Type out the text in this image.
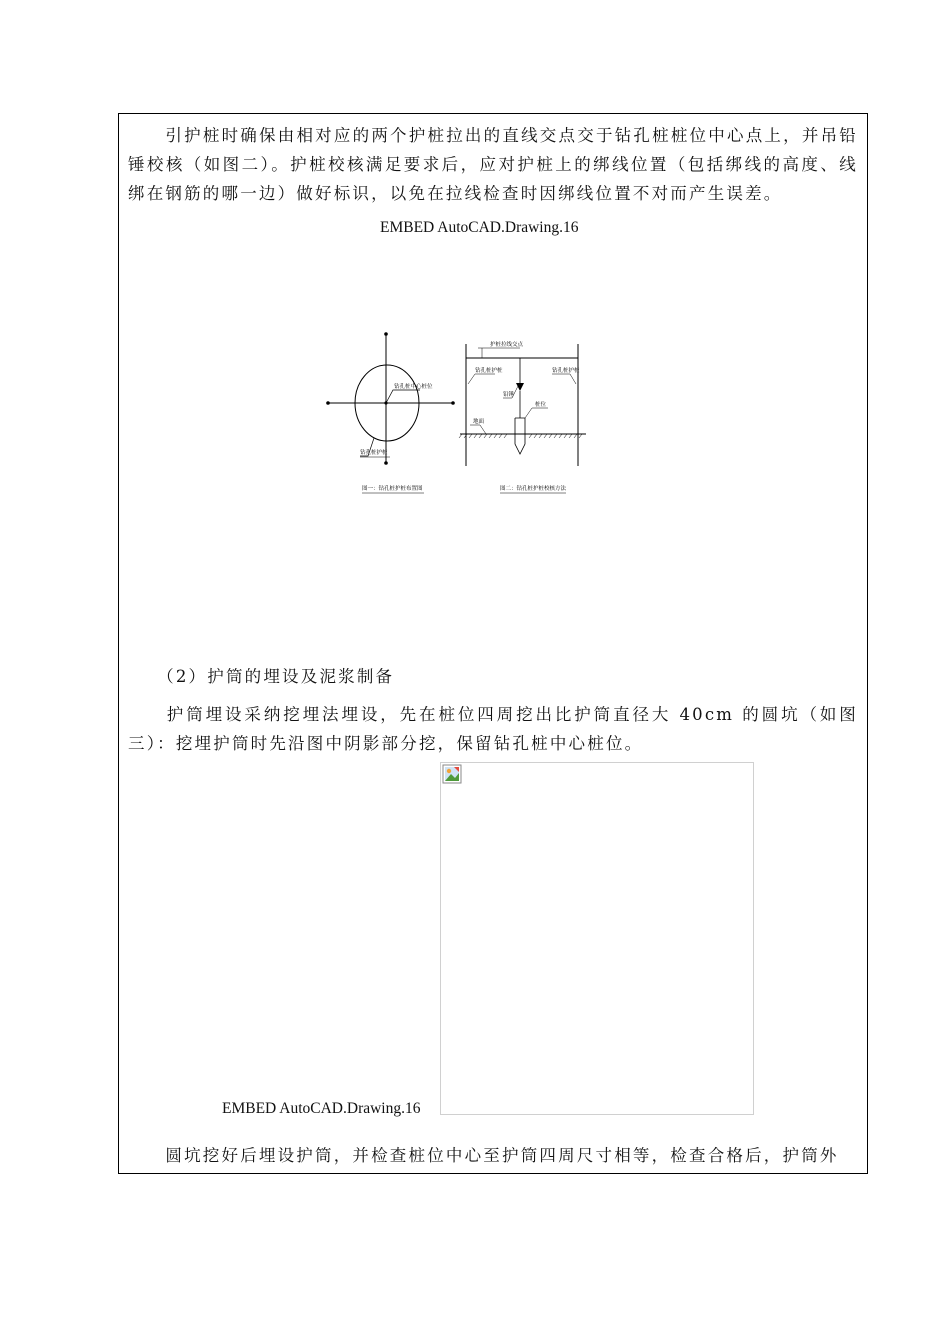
　　引护桩时确保由相对应的两个护桩拉出的直线交点交于钻孔桩桩位中心点上，并吊铅锤校核（如图二）。护桩校核满足要求后，应对护桩上的绑线位置（包括绑线的高度、线绑在钢筋的哪一边）做好标识，以免在拉线检查时因绑线位置不对而产生误差。
EMBED AutoCAD.Drawing.16
钻孔桩中心桩位
钻孔桩护桩
图一：钻孔桩护桩布置图
护桩拉线交点
钻孔桩护桩	钻孔桩护桩
铅锤
桩位
地面
图二：钻孔桩护桩校核方法
　　（2）护筒的埋设及泥浆制备
　　护筒埋设采纳挖埋法埋设，先在桩位四周挖出比护筒直径大 40cm 的圆坑（如图三）：挖埋护筒时先沿图中阴影部分挖，保留钻孔桩中心桩位。
EMBED AutoCAD.Drawing.16
　　圆坑挖好后埋设护筒，并检查桩位中心至护筒四周尺寸相等，检查合格后，护筒外
